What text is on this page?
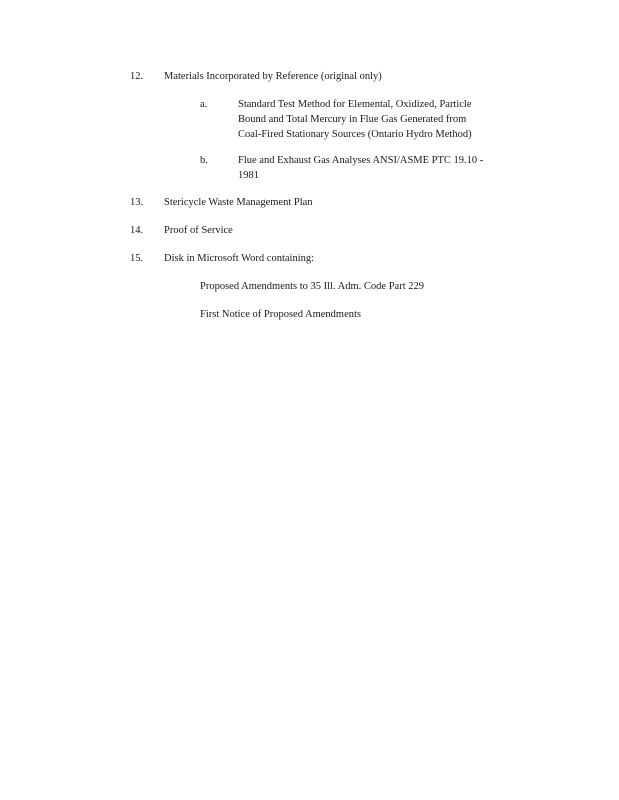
12. Materials Incorporated by Reference (original only)
a.	Standard Test Method for Elemental, Oxidized, Particle
Bound and Total Mercury in Flue Gas Generated from
Coal-Fired Stationary Sources (Ontario Hydro Method)
b.	Flue and Exhaust Gas Analyses ANSI/ASME PTC 19.10 -
1981
13. Stericycle Waste Management Plan
14. Proof of Service
15. Disk in Microsoft Word containing:
Proposed Amendments to 35 Ill. Adm. Code Part 229
First Notice of Proposed Amendments
